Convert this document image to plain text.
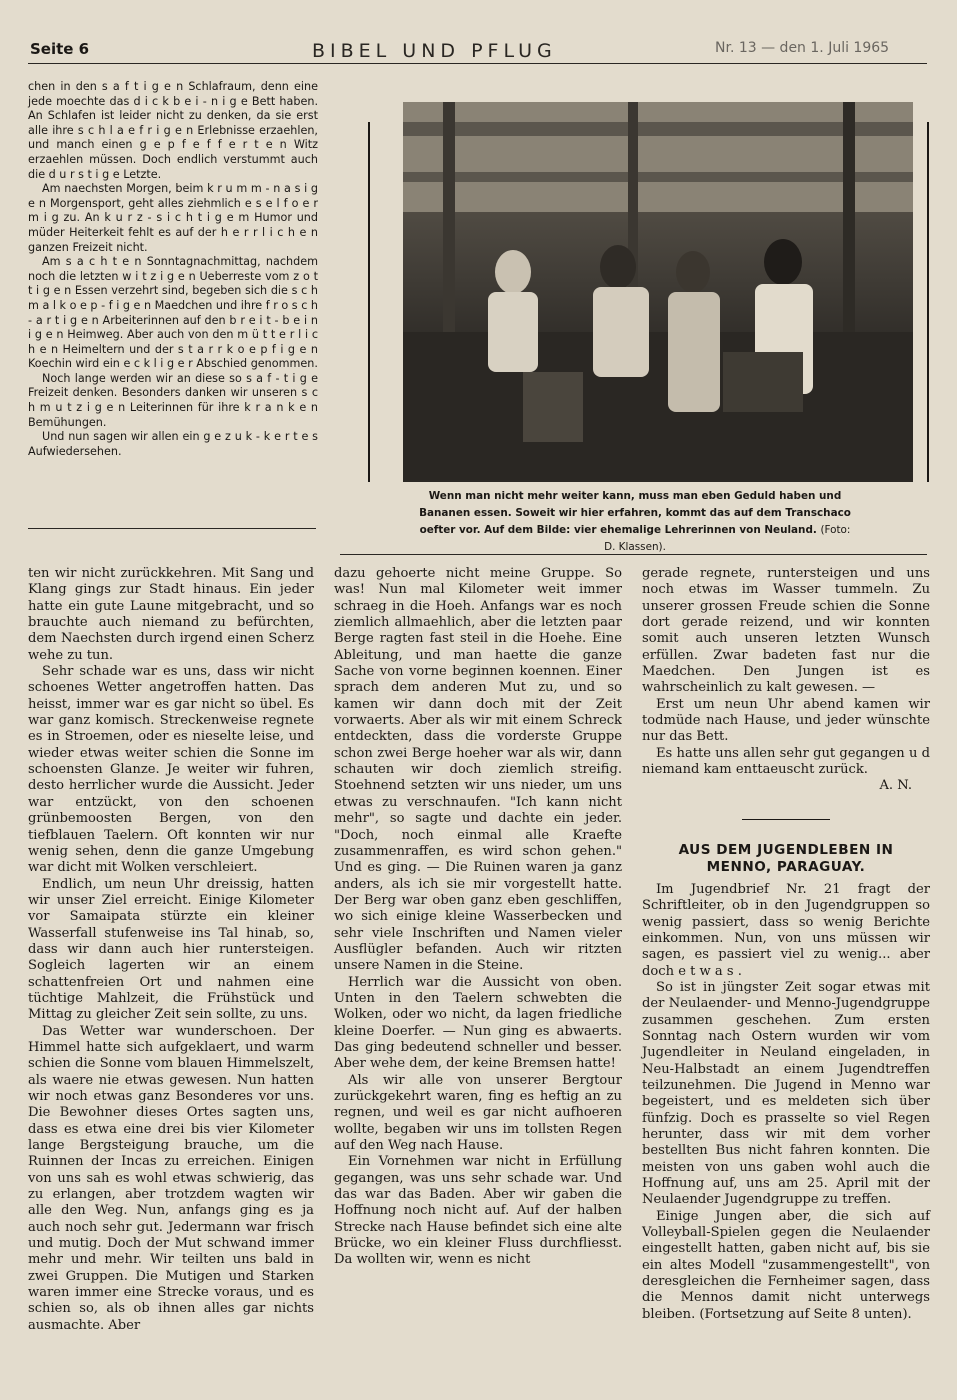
Seite 6	BIBEL UND PFLUG	Nr. 13 — den 1. Juli 1965

chen in den s a f t i g e n Schlafraum, denn eine jede moechte das d i c k b e i - n i g e Bett haben. An Schlafen ist leider nicht zu denken, da sie erst alle ihre s c h l a e f r i g e n Erlebnisse erzaehlen, und manch einen g e p f e f f e r t e n Witz erzaehlen müssen. Doch endlich verstummt auch die d u r s t i g e Letzte.

Am naechsten Morgen, beim k r u m m - n a s i g e n Morgensport, geht alles ziehmlich e s e l f o e r m i g zu. An k u r z - s i c h t i g e m Humor und müder Heiterkeit fehlt es auf der h e r r l i c h e n ganzen Freizeit nicht.

Am s a c h t e n Sonntagnachmittag, nachdem noch die letzten w i t z i g e n Ueberreste vom z o t t i g e n Essen verzehrt sind, begeben sich die s c h m a l k o e p - f i g e n Maedchen und ihre f r o s c h - a r t i g e n Arbeiterinnen auf den b r e i t - b e i n i g e n Heimweg. Aber auch von den m ü t t e r l i c h e n Heimeltern und der s t a r r k o e p f i g e n Koechin wird ein e c k l i g e r Abschied genommen.

Noch lange werden wir an diese so s a f - t i g e Freizeit denken. Besonders danken wir unseren s c h m u t z i g e n Leiterinnen für ihre k r a n k e n Bemühungen.

Und nun sagen wir allen ein g e z u k - k e r t e s Aufwiedersehen.

Wenn man nicht mehr weiter kann, muss man eben Geduld haben und Bananen essen. Soweit wir hier erfahren, kommt das auf dem Transchaco oefter vor. Auf dem Bilde: vier ehemalige Lehrerinnen von Neuland. (Foto: D. Klassen).

ten wir nicht zurückkehren. Mit Sang und Klang gings zur Stadt hinaus. Ein jeder hatte ein gute Laune mitgebracht, und so brauchte auch niemand zu befürchten, dem Naechsten durch irgend einen Scherz wehe zu tun.

Sehr schade war es uns, dass wir nicht schoenes Wetter angetroffen hatten. Das heisst, immer war es gar nicht so übel. Es war ganz komisch. Streckenweise regnete es in Stroemen, oder es nieselte leise, und wieder etwas weiter schien die Sonne im schoensten Glanze. Je weiter wir fuhren, desto herrlicher wurde die Aussicht. Jeder war entzückt, von den schoenen grünbemoosten Bergen, von den tiefblauen Taelern. Oft konnten wir nur wenig sehen, denn die ganze Umgebung war dicht mit Wolken verschleiert.

Endlich, um neun Uhr dreissig, hatten wir unser Ziel erreicht. Einige Kilometer vor Samaipata stürzte ein kleiner Wasserfall stufenweise ins Tal hinab, so, dass wir dann auch hier runtersteigen. Sogleich lagerten wir an einem schattenfreien Ort und nahmen eine tüchtige Mahlzeit, die Frühstück und Mittag zu gleicher Zeit sein sollte, zu uns.

Das Wetter war wunderschoen. Der Himmel hatte sich aufgeklaert, und warm schien die Sonne vom blauen Himmelszelt, als waere nie etwas gewesen. Nun hatten wir noch etwas ganz Besonderes vor uns. Die Bewohner dieses Ortes sagten uns, dass es etwa eine drei bis vier Kilometer lange Bergsteigung brauche, um die Ruinnen der Incas zu erreichen. Einigen von uns sah es wohl etwas schwierig, das zu erlangen, aber trotzdem wagten wir alle den Weg. Nun, anfangs ging es ja auch noch sehr gut. Jedermann war frisch und mutig. Doch der Mut schwand immer mehr und mehr. Wir teilten uns bald in zwei Gruppen. Die Mutigen und Starken waren immer eine Strecke voraus, und es schien so, als ob ihnen alles gar nichts ausmachte. Aber

dazu gehoerte nicht meine Gruppe. So was! Nun mal Kilometer weit immer schraeg in die Hoeh. Anfangs war es noch ziemlich allmaehlich, aber die letzten paar Berge ragten fast steil in die Hoehe. Eine Ableitung, und man haette die ganze Sache von vorne beginnen koennen. Einer sprach dem anderen Mut zu, und so kamen wir dann doch mit der Zeit vorwaerts. Aber als wir mit einem Schreck entdeckten, dass die vorderste Gruppe schon zwei Berge hoeher war als wir, dann schauten wir doch ziemlich streifig. Stoehnend setzten wir uns nieder, um uns etwas zu verschnaufen. "Ich kann nicht mehr", so sagte und dachte ein jeder. "Doch, noch einmal alle Kraefte zusammenraffen, es wird schon gehen." Und es ging. — Die Ruinen waren ja ganz anders, als ich sie mir vorgestellt hatte. Der Berg war oben ganz eben geschliffen, wo sich einige kleine Wasserbecken und sehr viele Inschriften und Namen vieler Ausflügler befanden. Auch wir ritzten unsere Namen in die Steine.

Herrlich war die Aussicht von oben. Unten in den Taelern schwebten die Wolken, oder wo nicht, da lagen friedliche kleine Doerfer. — Nun ging es abwaerts. Das ging bedeutend schneller und besser. Aber wehe dem, der keine Bremsen hatte!

Als wir alle von unserer Bergtour zurückgekehrt waren, fing es heftig an zu regnen, und weil es gar nicht aufhoeren wollte, begaben wir uns im tollsten Regen auf den Weg nach Hause.

Ein Vornehmen war nicht in Erfüllung gegangen, was uns sehr schade war. Und das war das Baden. Aber wir gaben die Hoffnung noch nicht auf. Auf der halben Strecke nach Hause befindet sich eine alte Brücke, wo ein kleiner Fluss durchfliesst. Da wollten wir, wenn es nicht

gerade regnete, runtersteigen und uns noch etwas im Wasser tummeln. Zu unserer grossen Freude schien die Sonne dort gerade reizend, und wir konnten somit auch unseren letzten Wunsch erfüllen. Zwar badeten fast nur die Maedchen. Den Jungen ist es wahrscheinlich zu kalt gewesen. —

Erst um neun Uhr abend kamen wir todmüde nach Hause, und jeder wünschte nur das Bett.

Es hatte uns allen sehr gut gegangen u d niemand kam enttaeuscht zurück.

A. N.

AUS DEM JUGENDLEBEN IN
MENNO, PARAGUAY.

Im Jugendbrief Nr. 21 fragt der Schriftleiter, ob in den Jugendgruppen so wenig passiert, dass so wenig Berichte einkommen. Nun, von uns müssen wir sagen, es passiert viel zu wenig... aber doch e t w a s .

So ist in jüngster Zeit sogar etwas mit der Neulaender- und Menno-Jugendgruppe zusammen geschehen. Zum ersten Sonntag nach Ostern wurden wir vom Jugendleiter in Neuland eingeladen, in Neu-Halbstadt an einem Jugendtreffen teilzunehmen. Die Jugend in Menno war begeistert, und es meldeten sich über fünfzig. Doch es prasselte so viel Regen herunter, dass wir mit dem vorher bestellten Bus nicht fahren konnten. Die meisten von uns gaben wohl auch die Hoffnung auf, uns am 25. April mit der Neulaender Jugendgruppe zu treffen.

Einige Jungen aber, die sich auf Volleyball-Spielen gegen die Neulaender eingestellt hatten, gaben nicht auf, bis sie ein altes Modell "zusammengestellt", von deresgleichen die Fernheimer sagen, dass die Mennos damit nicht unterwegs bleiben. (Fortsetzung auf Seite 8 unten).
